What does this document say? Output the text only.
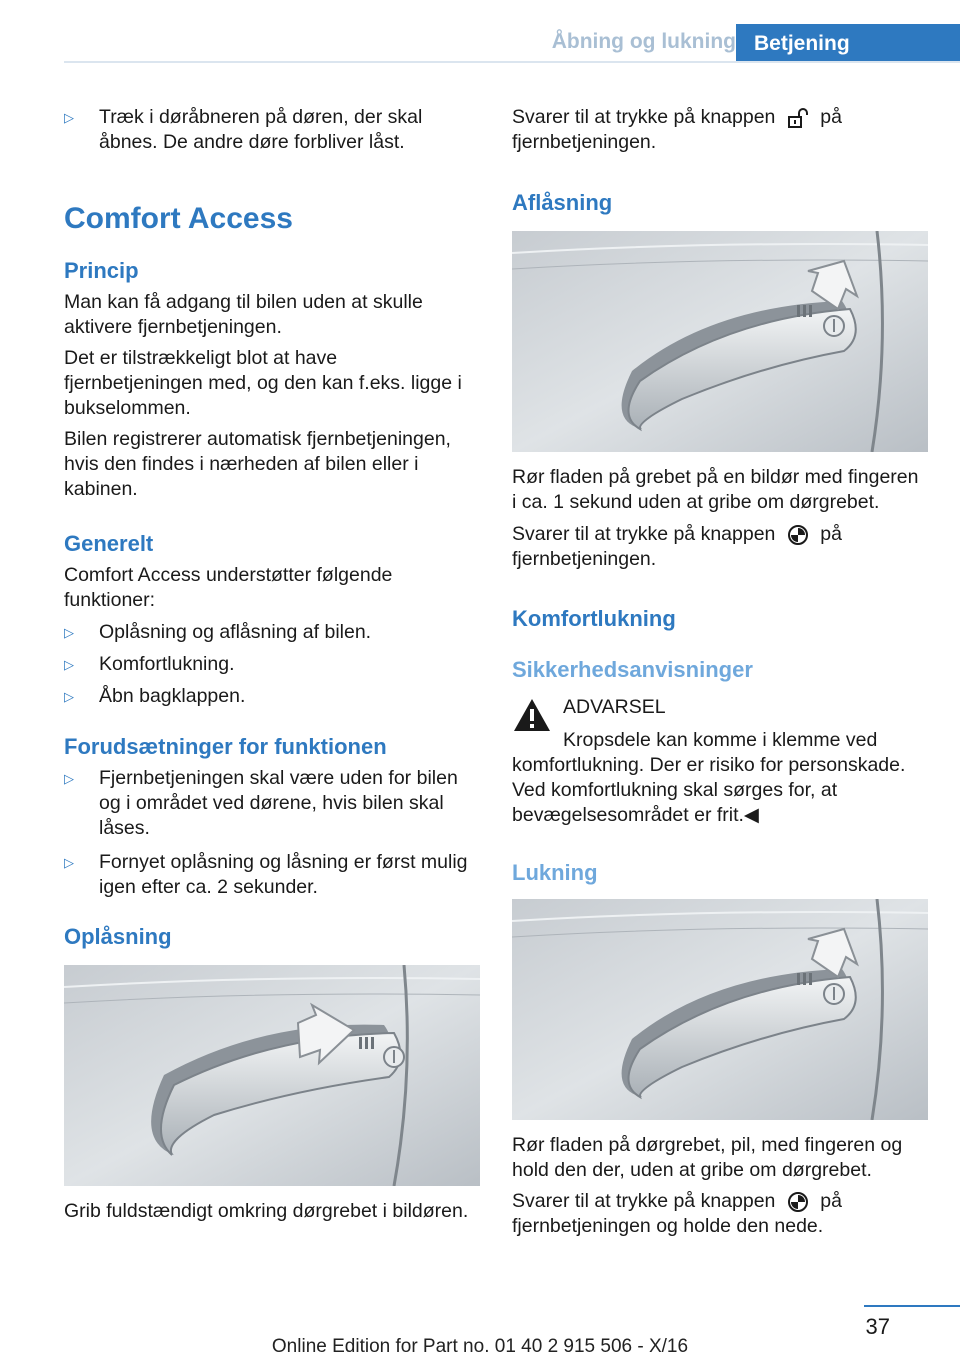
Åbning og lukning Betjening
▷ Træk i døråbneren på døren, der skal åbnes. De andre døre forbliver låst.
Comfort Access
Princip

Man kan få adgang til bilen uden at skulle aktivere fjernbetjeningen.

Det er tilstrækkeligt blot at have fjernbetjeningen med, og den kan f.eks. ligge i bukselommen.

Bilen registrerer automatisk fjernbetjeningen, hvis den findes i nærheden af bilen eller i kabinen.

Generelt

Comfort Access understøtter følgende funktioner:

▷ Oplåsning og aflåsning af bilen.
▷ Komfortlukning.
▷ Åbn bagklappen.
Forudsætninger for funktionen
▷ Fjernbetjeningen skal være uden for bilen og i området ved dørene, hvis bilen skal låses.
▷ Fornyet oplåsning og låsning er først mulig igen efter ca. 2 sekunder.
Oplåsning

Grib fuldstændigt omkring dørgrebet i bildøren.

Svarer til at trykke på knappen på fjernbetjeningen.

Aflåsning

Rør fladen på grebet på en bildør med fingeren i ca. 1 sekund uden at gribe om dørgrebet.

Svarer til at trykke på knappen på fjernbetjeningen.

Komfortlukning
Sikkerhedsanvisninger
ADVARSEL

Kropsdele kan komme i klemme ved komfortlukning. Der er risiko for personskade. Ved komfortlukning skal sørges for, at bevægelsesområdet er frit.◀

Lukning

Rør fladen på dørgrebet, pil, med fingeren og hold den der, uden at gribe om dørgrebet.

Svarer til at trykke på knappen på fjernbetjeningen og holde den nede.

37
Online Edition for Part no. 01 40 2 915 506 - X/16
